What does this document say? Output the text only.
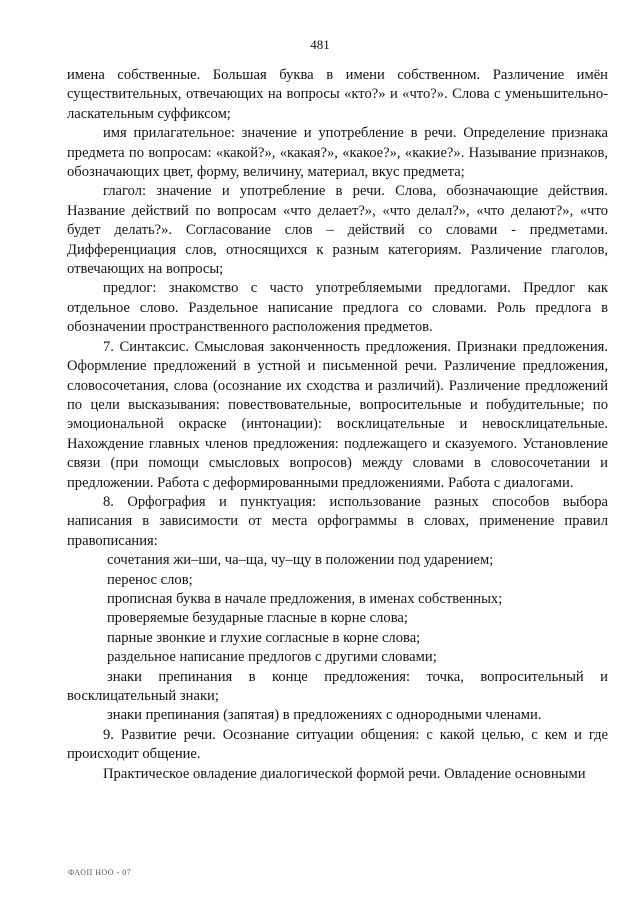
481

имена собственные. Большая буква в имени собственном. Различение имён существительных, отвечающих на вопросы «кто?» и «что?». Слова с уменьшительно-ласкательным суффиксом;

имя прилагательное: значение и употребление в речи. Определение признака предмета по вопросам: «какой?», «какая?», «какое?», «какие?». Называние признаков, обозначающих цвет, форму, величину, материал, вкус предмета;

глагол: значение и употребление в речи. Слова, обозначающие действия. Название действий по вопросам «что делает?», «что делал?», «что делают?», «что будет делать?». Согласование слов – действий со словами - предметами. Дифференциация слов, относящихся к разным категориям. Различение глаголов, отвечающих на вопросы;

предлог: знакомство с часто употребляемыми предлогами. Предлог как отдельное слово. Раздельное написание предлога со словами. Роль предлога в обозначении пространственного расположения предметов.

7. Синтаксис. Смысловая законченность предложения. Признаки предложения. Оформление предложений в устной и письменной речи. Различение предложения, словосочетания, слова (осознание их сходства и различий). Различение предложений по цели высказывания: повествовательные, вопросительные и побудительные; по эмоциональной окраске (интонации): восклицательные и невосклицательные. Нахождение главных членов предложения: подлежащего и сказуемого. Установление связи (при помощи смысловых вопросов) между словами в словосочетании и предложении. Работа с деформированными предложениями. Работа с диалогами.

8. Орфография и пунктуация: использование разных способов выбора написания в зависимости от места орфограммы в словах, применение правил правописания:

сочетания жи–ши, ча–ща, чу–щу в положении под ударением;

перенос слов;

прописная буква в начале предложения, в именах собственных;

проверяемые безударные гласные в корне слова;

парные звонкие и глухие согласные в корне слова;

раздельное написание предлогов с другими словами;

знаки препинания в конце предложения: точка, вопросительный и восклицательный знаки;

знаки препинания (запятая) в предложениях с однородными членами.

9. Развитие речи. Осознание ситуации общения: с какой целью, с кем и где происходит общение.

Практическое овладение диалогической формой речи. Овладение основными

ФАОП НОО - 07
